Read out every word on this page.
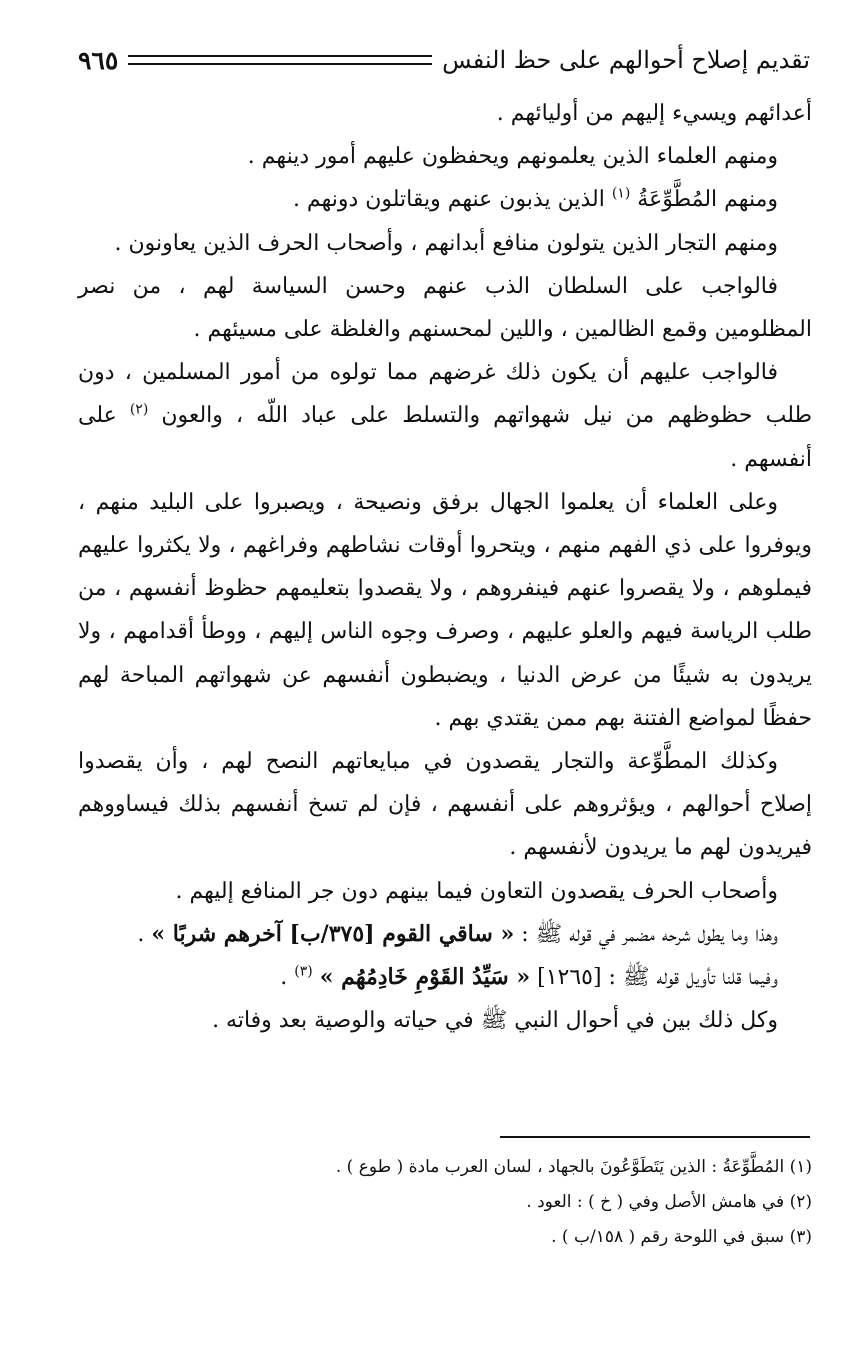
تقديم إصلاح أحوالهم على حظ النفس
٩٦٥

أعدائهم ويسيء إليهم من أوليائهم .

ومنهم العلماء الذين يعلمونهم ويحفظون عليهم أمور دينهم .

ومنهم المُطَّوِّعَةُ $^{(١)}$ الذين يذبون عنهم ويقاتلون دونهم .

ومنهم التجار الذين يتولون منافع أبدانهم ، وأصحاب الحرف الذين يعاونون .

فالواجب على السلطان الذب عنهم وحسن السياسة لهم ، من نصر المظلومين وقمع الظالمين ، واللين لمحسنهم والغلظة على مسيئهم .

فالواجب عليهم أن يكون ذلك غرضهم مما تولوه من أمور المسلمين ، دون طلب حظوظهم من نيل شهواتهم والتسلط على عباد اللّه ، والعون $^{(٢)}$ على أنفسهم .

وعلى العلماء أن يعلموا الجهال برفق ونصيحة ، ويصبروا على البليد منهم ، ويوفروا على ذي الفهم منهم ، ويتحروا أوقات نشاطهم وفراغهم ، ولا يكثروا عليهم فيملوهم ، ولا يقصروا عنهم فينفروهم ، ولا يقصدوا بتعليمهم حظوظ أنفسهم ، من طلب الرياسة فيهم والعلو عليهم ، وصرف وجوه الناس إليهم ، ووطأ أقدامهم ، ولا يريدون به شيئًا من عرض الدنيا ، ويضبطون أنفسهم عن شهواتهم المباحة لهم حفظًا لمواضع الفتنة بهم ممن يقتدي بهم .

وكذلك المطَّوِّعة والتجار يقصدون في مبايعاتهم النصح لهم ، وأن يقصدوا إصلاح أحوالهم ، ويؤثروهم على أنفسهم ، فإن لم تسخ أنفسهم بذلك فيساووهم فيريدون لهم ما يريدون لأنفسهم .

وأصحاب الحرف يقصدون التعاون فيما بينهم دون جر المنافع إليهم .

وهذا وما يطول شرحه مضمر في قوله ﷺ : « ساقي القوم [٣٧٥/ب] آخرهم شربًا » .

وفيما قلنا تأويل قوله ﷺ : [١٢٦٥] « سَيِّدُ القَوْمِ خَادِمُهُم » $^{(٣)}$ .

وكل ذلك بين في أحوال النبي ﷺ في حياته والوصية بعد وفاته .

(١) المُطَّوِّعَةُ : الذين يَتَطَوَّعُونَ بالجهاد ، لسان العرب مادة ( طوع ) .
(٢) في هامش الأصل وفي ( خ ) : العود .
(٣) سبق في اللوحة رقم ( ١٥٨/ب ) .
